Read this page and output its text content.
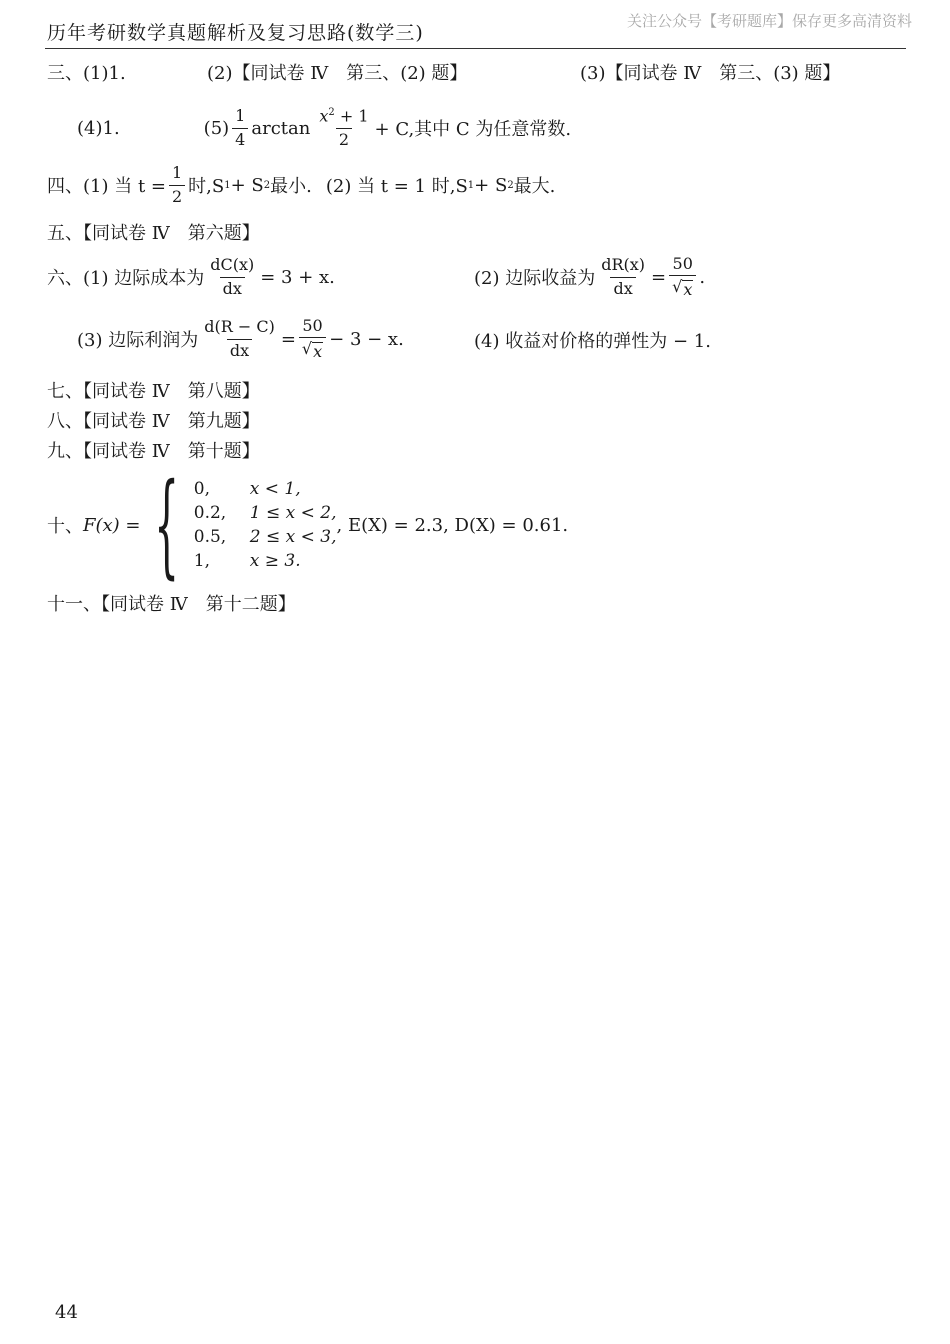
历年考研数学真题解析及复习思路(数学三)
关注公众号【考研题库】保存更多高清资料
三、(1)1.	(2)【同试卷 Ⅳ　第三、(2) 题】	(3)【同试卷 Ⅳ　第三、(3) 题】
(4)1.	$(5) \frac{1}{4}$ $\arctan \frac{x^2 + 1}{2} + C$,其中 C 为任意常数.
四、(1) 当 $t = \frac{1}{2}$ 时,S 1 + S 2 最小. (2) 当 t = 1 时,S 1 + S 2 最大.
五、【同试卷 Ⅳ　第六题】
六、(1) 边际成本为 $\frac{dC(x)}{dx} = 3 + x$.	(2) 边际收益为 $\frac{dR(x)}{dx} = \frac{50}{√ x}$ .
(3) 边际利润为 $\frac{d(R - C)}{dx} = \frac{50}{√ x} - 3 - x$.	(4) 收益对价格的弹性为 − 1.
七、【同试卷 Ⅳ　第八题】
八、【同试卷 Ⅳ　第九题】
九、【同试卷 Ⅳ　第十题】
十、 F(x) = { 0,	x < 1,
0.2,	1 ≤ x < 2,
0.5,	2 ≤ x < 3,
1,	x ≥ 3.
, E(X) = 2.3, D(X) = 0.61.
十一、【同试卷 Ⅳ　第十二题】
44
